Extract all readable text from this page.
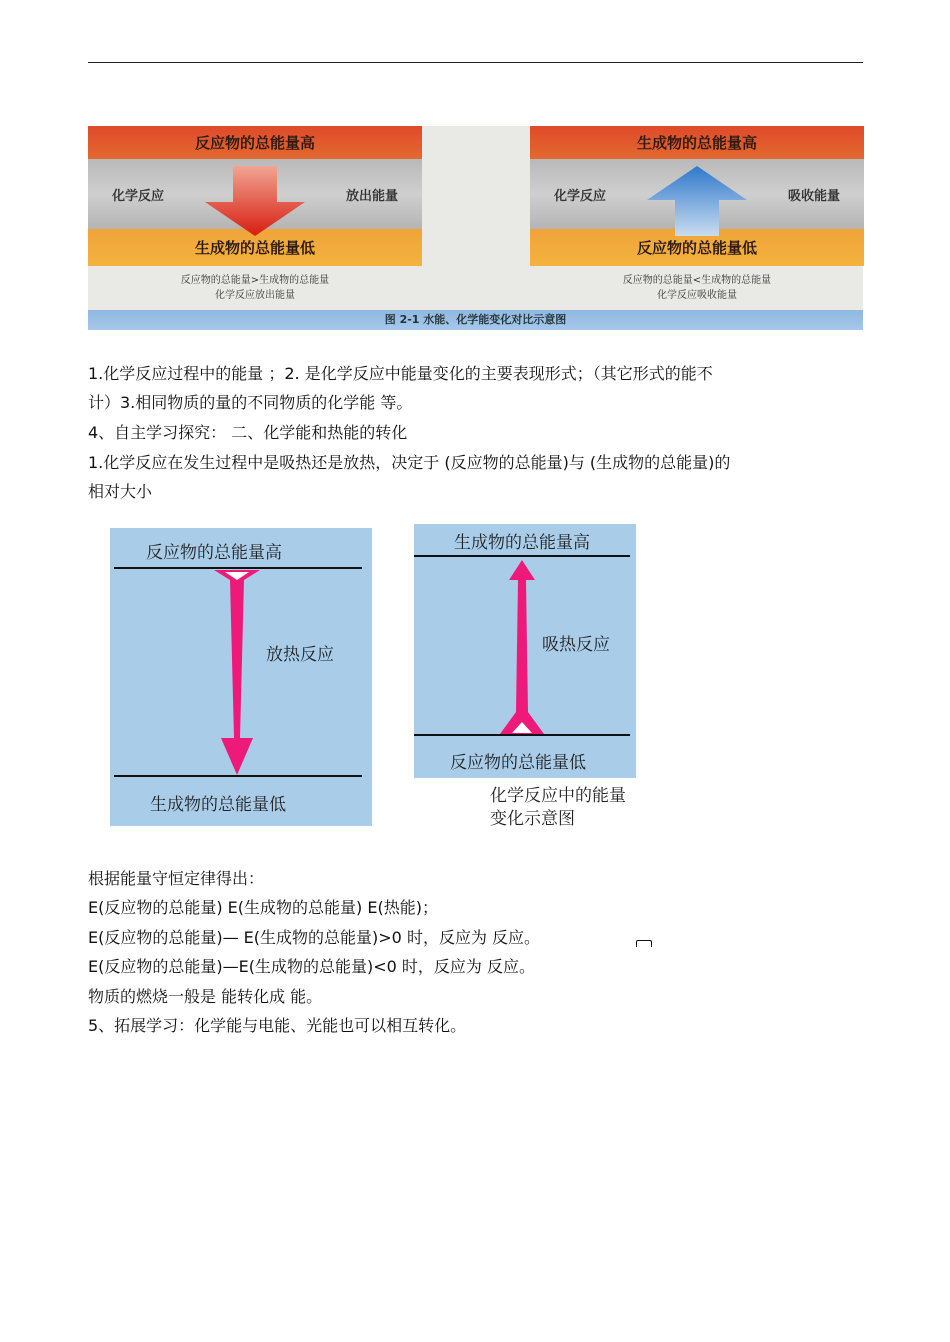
反应物的总能量高
化学反应	放出能量
生成物的总能量低
反应物的总能量>生成物的总能量
化学反应放出能量
生成物的总能量高
化学反应	吸收能量
反应物的总能量低
反应物的总能量<生成物的总能量
化学反应吸收能量
图 2-1 水能、化学能变化对比示意图
1.化学反应过程中的能量 ；2. 是化学反应中能量变化的主要表现形式；（其它形式的能不
计）3.相同物质的量的不同物质的化学能 等。
4、自主学习探究： 二、化学能和热能的转化
1.化学反应在发生过程中是吸热还是放热，决定于 (反应物的总能量)与 (生成物的总能量)的
相对大小
反应物的总能量高
放热反应
生成物的总能量低
生成物的总能量高
吸热反应
反应物的总能量低
化学反应中的能量
变化示意图
根据能量守恒定律得出：
E(反应物的总能量) E(生成物的总能量) E(热能)；
E(反应物的总能量)— E(生成物的总能量)>0 时，反应为 反应。
E(反应物的总能量)—E(生成物的总能量)<0 时，反应为 反应。
物质的燃烧一般是 能转化成 能。
5、拓展学习：化学能与电能、光能也可以相互转化。
